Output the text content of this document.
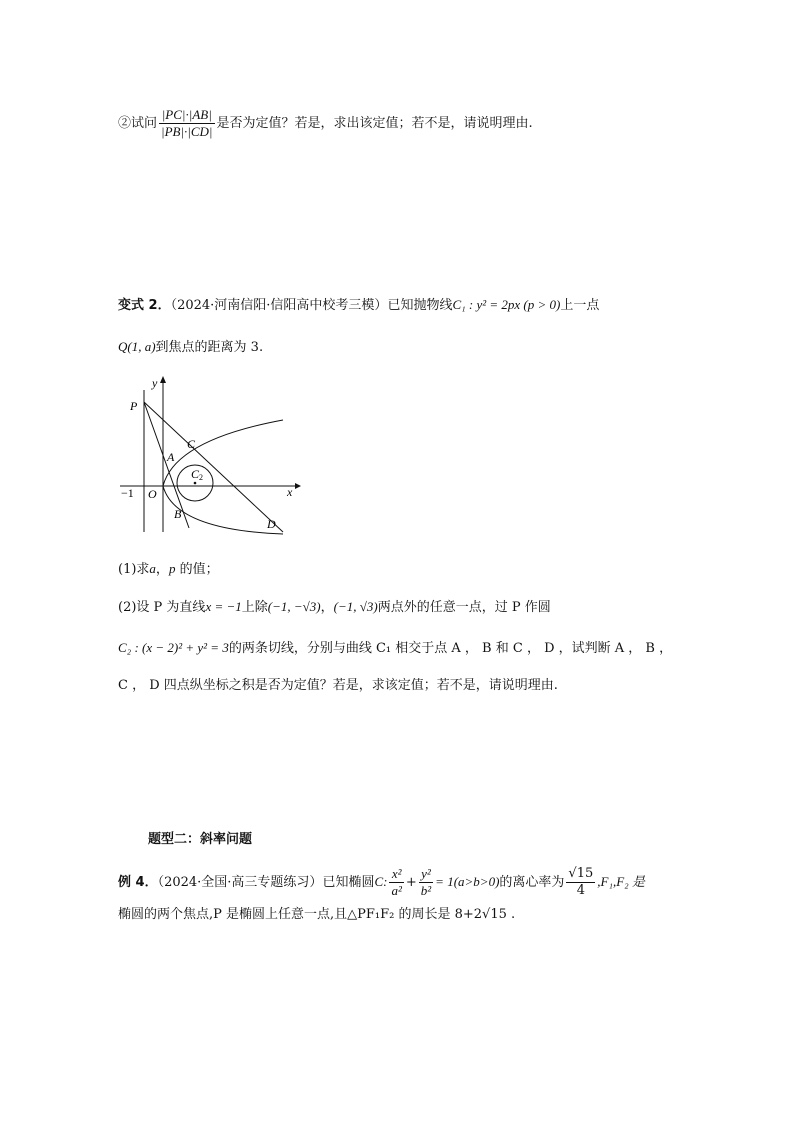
②试问 $\frac{|PC|\cdot|AB|}{|PB|\cdot|CD|}$ 是否为定值？若是，求出该定值；若不是，请说明理由.
变式 2．（2024·河南信阳·信阳高中校考三模）已知抛物线C₁ : y² = 2px (p > 0)上一点
Q(1, a)到焦点的距离为 3.
y
x
P
C
A
C2
−1 O
B
D
(1)求a，p 的值；
(2)设 P 为直线x = −1上除(−1, −√3)，(−1, √3)两点外的任意一点，过 P 作圆
C₂ : (x − 2)² + y² = 3的两条切线，分别与曲线 C₁ 相交于点 A ， B 和 C ， D ，试判断 A ， B ，
C ， D 四点纵坐标之积是否为定值？若是，求该定值；若不是，请说明理由.
题型二：斜率问题
例 4．（2024·全国·高三专题练习）已知椭圆C: $\frac{\text{x²}}{\text{a²}} + \frac{\text{y²}}{\text{b²}} = 1(a>b>0)$的离心率为 $\frac{√15}{4} ,F_1,F_2$ 是
椭圆的两个焦点,P 是椭圆上任意一点,且△PF₁F₂ 的周长是 8+2√15 .
